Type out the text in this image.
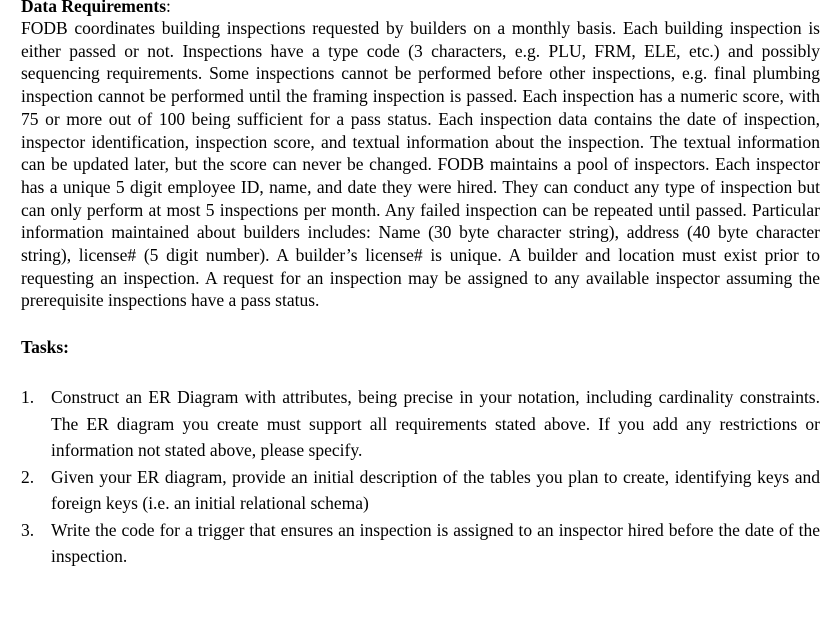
Data Requirements:

FODB coordinates building inspections requested by builders on a monthly basis. Each building inspection is either passed or not. Inspections have a type code (3 characters, e.g. PLU, FRM, ELE, etc.) and possibly sequencing requirements. Some inspections cannot be performed before other inspections, e.g. final plumbing inspection cannot be performed until the framing inspection is passed. Each inspection has a numeric score, with 75 or more out of 100 being sufficient for a pass status. Each inspection data contains the date of inspection, inspector identification, inspection score, and textual information about the inspection. The textual information can be updated later, but the score can never be changed. FODB maintains a pool of inspectors. Each inspector has a unique 5 digit employee ID, name, and date they were hired. They can conduct any type of inspection but can only perform at most 5 inspections per month. Any failed inspection can be repeated until passed. Particular information maintained about builders includes: Name (30 byte character string), address (40 byte character string), license# (5 digit number). A builder’s license# is unique. A builder and location must exist prior to requesting an inspection. A request for an inspection may be assigned to any available inspector assuming the prerequisite inspections have a pass status.

Tasks:
1. Construct an ER Diagram with attributes, being precise in your notation, including cardinality constraints. The ER diagram you create must support all requirements stated above. If you add any restrictions or information not stated above, please specify.
2. Given your ER diagram, provide an initial description of the tables you plan to create, identifying keys and foreign keys (i.e. an initial relational schema)
3. Write the code for a trigger that ensures an inspection is assigned to an inspector hired before the date of the inspection.
